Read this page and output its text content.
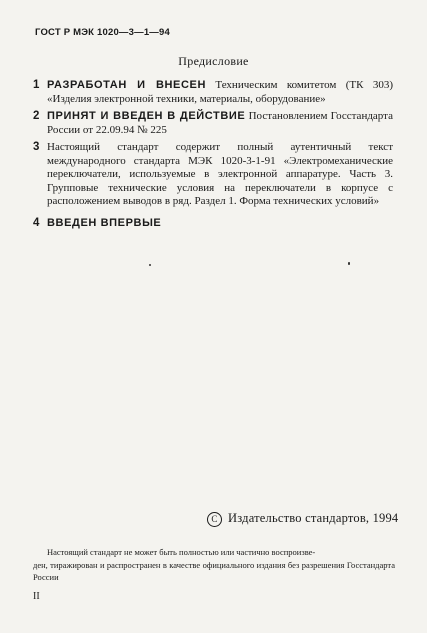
ГОСТ Р МЭК 1020—3—1—94
Предисловие
1 РАЗРАБОТАН И ВНЕСЕН Техническим комитетом (ТК 303) «Изделия электронной техники, материалы, оборудование»
2 ПРИНЯТ И ВВЕДЕН В ДЕЙСТВИЕ Постановлением Госстандарта России от 22.09.94 № 225
3 Настоящий стандарт содержит полный аутентичный текст международного стандарта МЭК 1020-3-1-91 «Электромеханические переключатели, используемые в электронной аппаратуре. Часть 3. Групповые технические условия на переключатели в корпусе с расположением выводов в ряд. Раздел 1. Форма технических условий»
4 ВВЕДЕН ВПЕРВЫЕ
С Издательство стандартов, 1994
Настоящий стандарт не может быть полностью или частично воспроизве-
ден, тиражирован и распространен в качестве официального издания без разрешения Госстандарта России
II
